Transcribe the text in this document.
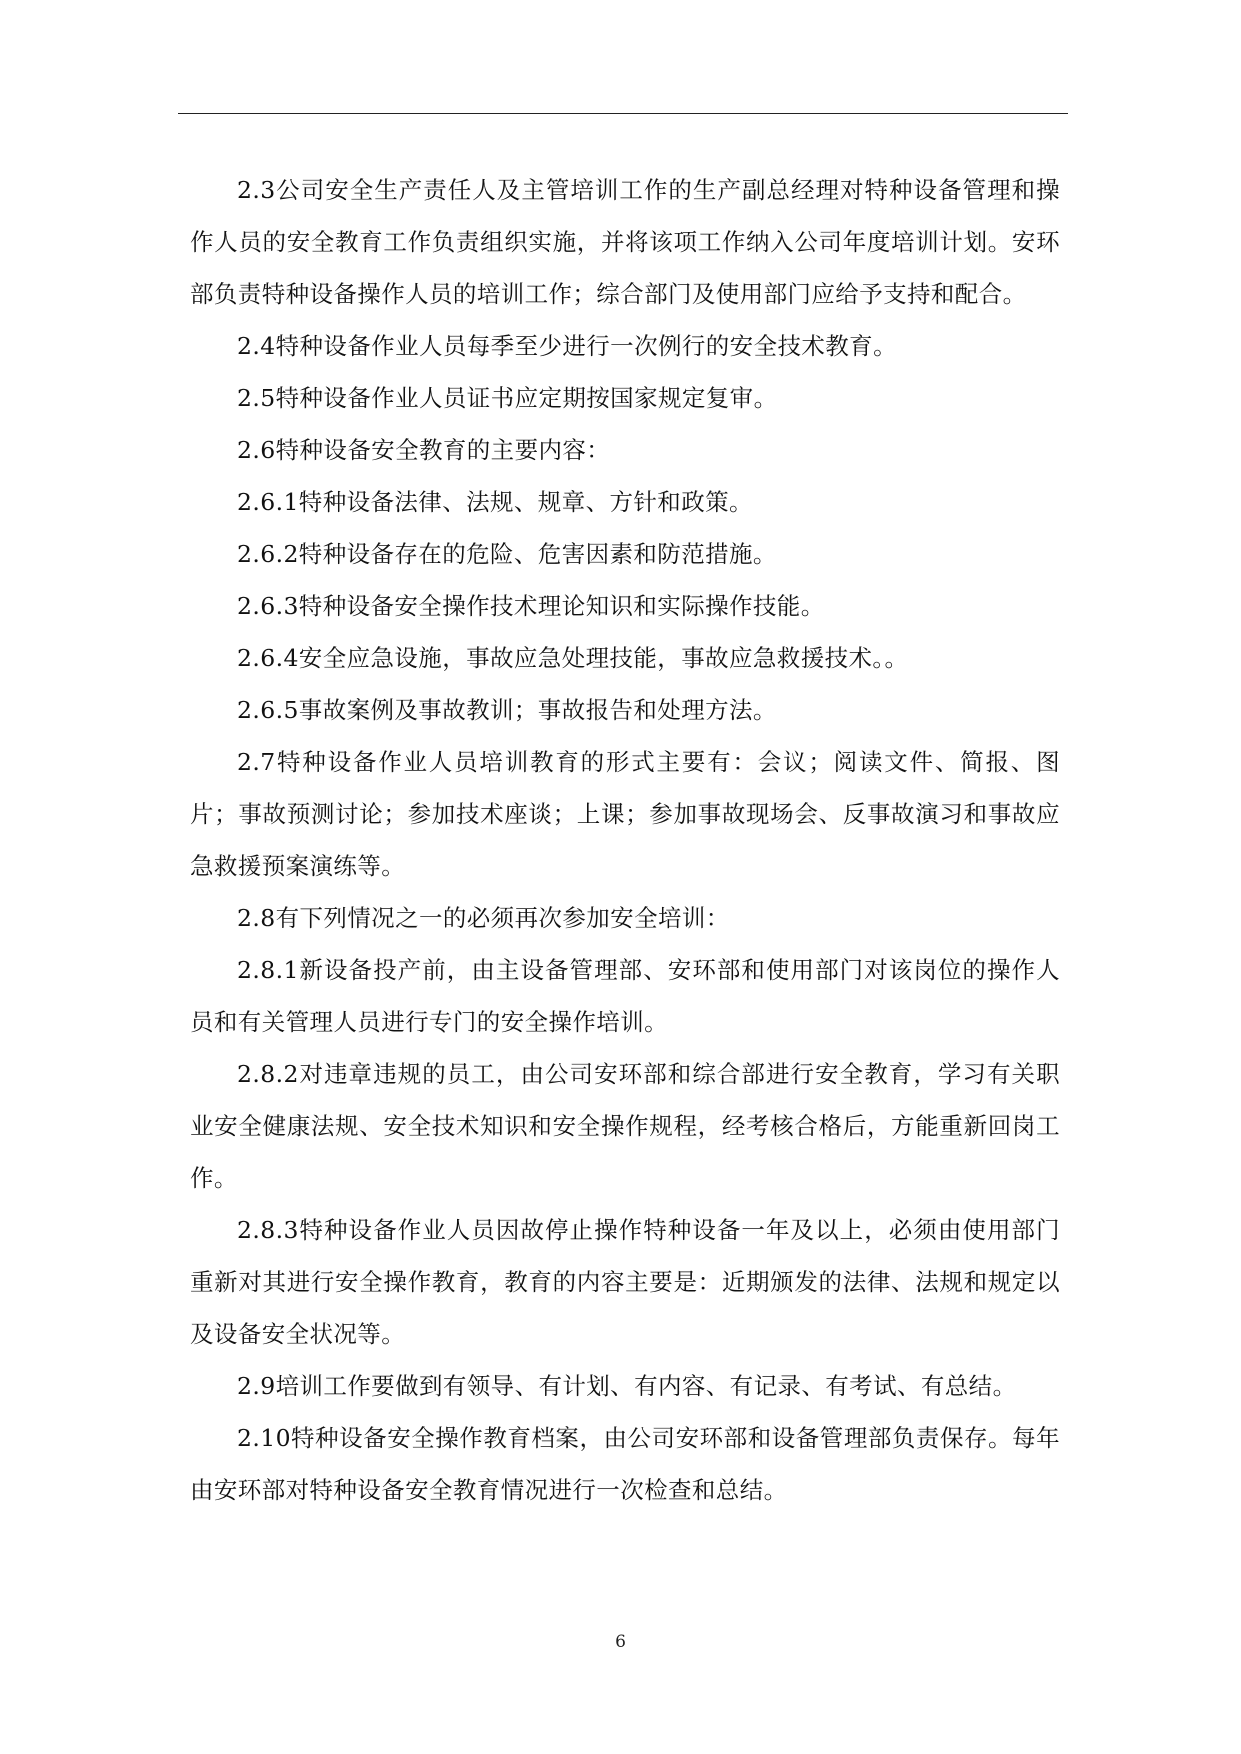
2.3公司安全生产责任人及主管培训工作的生产副总经理对特种设备管理和操作人员的安全教育工作负责组织实施，并将该项工作纳入公司年度培训计划。安环部负责特种设备操作人员的培训工作；综合部门及使用部门应给予支持和配合。

2.4特种设备作业人员每季至少进行一次例行的安全技术教育。

2.5特种设备作业人员证书应定期按国家规定复审。

2.6特种设备安全教育的主要内容：

2.6.1特种设备法律、法规、规章、方针和政策。

2.6.2特种设备存在的危险、危害因素和防范措施。

2.6.3特种设备安全操作技术理论知识和实际操作技能。

2.6.4安全应急设施，事故应急处理技能，事故应急救援技术。。

2.6.5事故案例及事故教训；事故报告和处理方法。

2.7特种设备作业人员培训教育的形式主要有：会议；阅读文件、简报、图片；事故预测讨论；参加技术座谈；上课；参加事故现场会、反事故演习和事故应急救援预案演练等。

2.8有下列情况之一的必须再次参加安全培训：

2.8.1新设备投产前，由主设备管理部、安环部和使用部门对该岗位的操作人员和有关管理人员进行专门的安全操作培训。

2.8.2对违章违规的员工，由公司安环部和综合部进行安全教育，学习有关职业安全健康法规、安全技术知识和安全操作规程，经考核合格后，方能重新回岗工作。

2.8.3特种设备作业人员因故停止操作特种设备一年及以上，必须由使用部门重新对其进行安全操作教育，教育的内容主要是：近期颁发的法律、法规和规定以及设备安全状况等。

2.9培训工作要做到有领导、有计划、有内容、有记录、有考试、有总结。

2.10特种设备安全操作教育档案，由公司安环部和设备管理部负责保存。每年由安环部对特种设备安全教育情况进行一次检查和总结。

6
